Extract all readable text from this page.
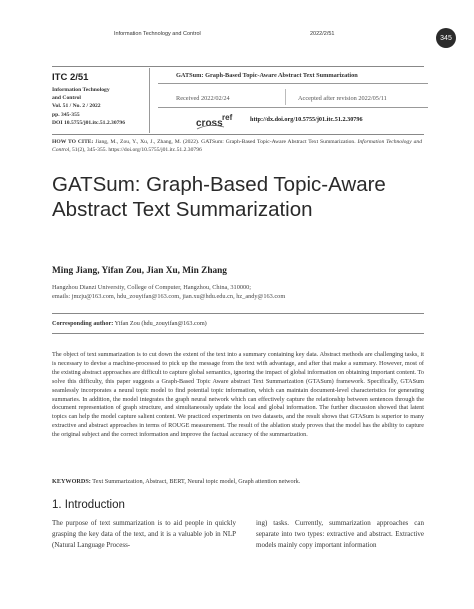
Information Technology and Control	2022/2/51
345
ITC 2/51
Information Technology
and Control
Vol. 51 / No. 2 / 2022
pp. 345-355
DOI 10.5755/j01.itc.51.2.30796
GATSum: Graph-Based Topic-Aware Abstract Text Summarization
Received 2022/02/24	Accepted after revision 2022/05/11
cross
ref	http://dx.doi.org/10.5755/j01.itc.51.2.30796
HOW TO CITE: Jiang, M., Zou, Y., Xu, J., Zhang, M. (2022). GATSum: Graph-Based Topic-Aware Abstract Text Summarization. Information Technology and Control, 51(2), 345-355. https://doi.org/10.5755/j01.itc.51.2.30796
GATSum: Graph-Based Topic-Aware Abstract Text Summarization
Ming Jiang, Yifan Zou, Jian Xu, Min Zhang
Hangzhou Dianzi University, College of Computer, Hangzhou, China, 310000;
emails: jmzju@163.com, hdu_zouyifan@163.com, jian.xu@hdu.edu.cn, hz_andy@163.com
Corresponding author: Yifan Zou (hdu_zouyifan@163.com)
The object of text summarization is to cut down the extent of the text into a summary containing key data. Abstract methods are challenging tasks, it is necessary to devise a machine-processed to pick up the message from the text with advantage, and after that make a summary. However, most of the existing abstract approaches are difficult to capture global semantics, ignoring the impact of global information on obtaining important content. To solve this difficulty, this paper suggests a Graph-Based Topic Aware abstract Text Summarization (GTASum) framework. Specifically, GTASum seamlessly incorporates a neural topic model to find potential topic information, which can maintain document-level characteristics for generating summaries. In addition, the model integrates the graph neural network which can effectively capture the relationship between sentences through the document representation of graph structure, and simultaneously update the local and global information. The further discussion showed that latent topics can help the model capture salient content. We practiced experiments on two datasets, and the result shows that GTASum is superior to many extractive and abstract approaches in terms of ROUGE measurement. The result of the ablation study proves that the model has the ability to capture the original subject and the correct information and improve the factual accuracy of the summarization.
KEYWORDS: Text Summarization, Abstract, BERT, Neural topic model, Graph attention network.
1. Introduction
The purpose of text summarization is to aid people in quickly grasping the key data of the text, and it is a valuable job in NLP (Natural Language Process-
ing) tasks. Currently, summarization approaches can separate into two types: extractive and abstract. Extractive models mainly copy important information
